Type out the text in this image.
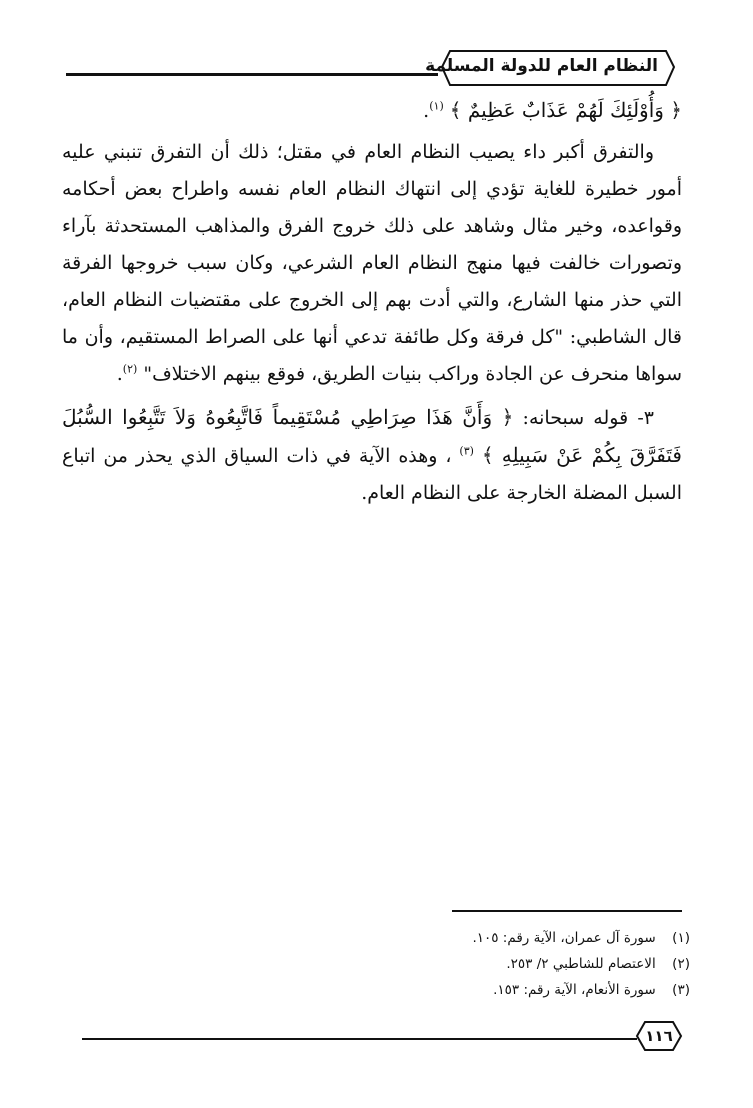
النظام العام للدولة المسلمة

﴿ وَأُوْلَئِكَ لَهُمْ عَذَابٌ عَظِيمٌ ﴾ $^{(١)}$.

والتفرق أكبر داء يصيب النظام العام في مقتل؛ ذلك أن التفرق تنبني عليه أمور خطيرة للغاية تؤدي إلى انتهاك النظام العام نفسه واطراح بعض أحكامه وقواعده، وخير مثال وشاهد على ذلك خروج الفرق والمذاهب المستحدثة بآراء وتصورات خالفت فيها منهج النظام العام الشرعي، وكان سبب خروجها الفرقة التي حذر منها الشارع، والتي أدت بهم إلى الخروج على مقتضيات النظام العام، قال الشاطبي: "كل فرقة وكل طائفة تدعي أنها على الصراط المستقيم، وأن ما سواها منحرف عن الجادة وراكب بنيات الطريق، فوقع بينهم الاختلاف" $^{(٢)}$.

٣- قوله سبحانه: ﴿ وَأَنَّ هَذَا صِرَاطِي مُسْتَقِيماً فَاتَّبِعُوهُ وَلاَ تَتَّبِعُوا السُّبُلَ فَتَفَرَّقَ بِكُمْ عَنْ سَبِيلِهِ ﴾ $^{(٣)}$ ، وهذه الآية في ذات السياق الذي يحذر من اتباع السبل المضلة الخارجة على النظام العام.

(١) سورة آل عمران، الآية رقم: ١٠٥.
(٢) الاعتصام للشاطبي ٢/ ٢٥٣.
(٣) سورة الأنعام، الآية رقم: ١٥٣.
١١٦
